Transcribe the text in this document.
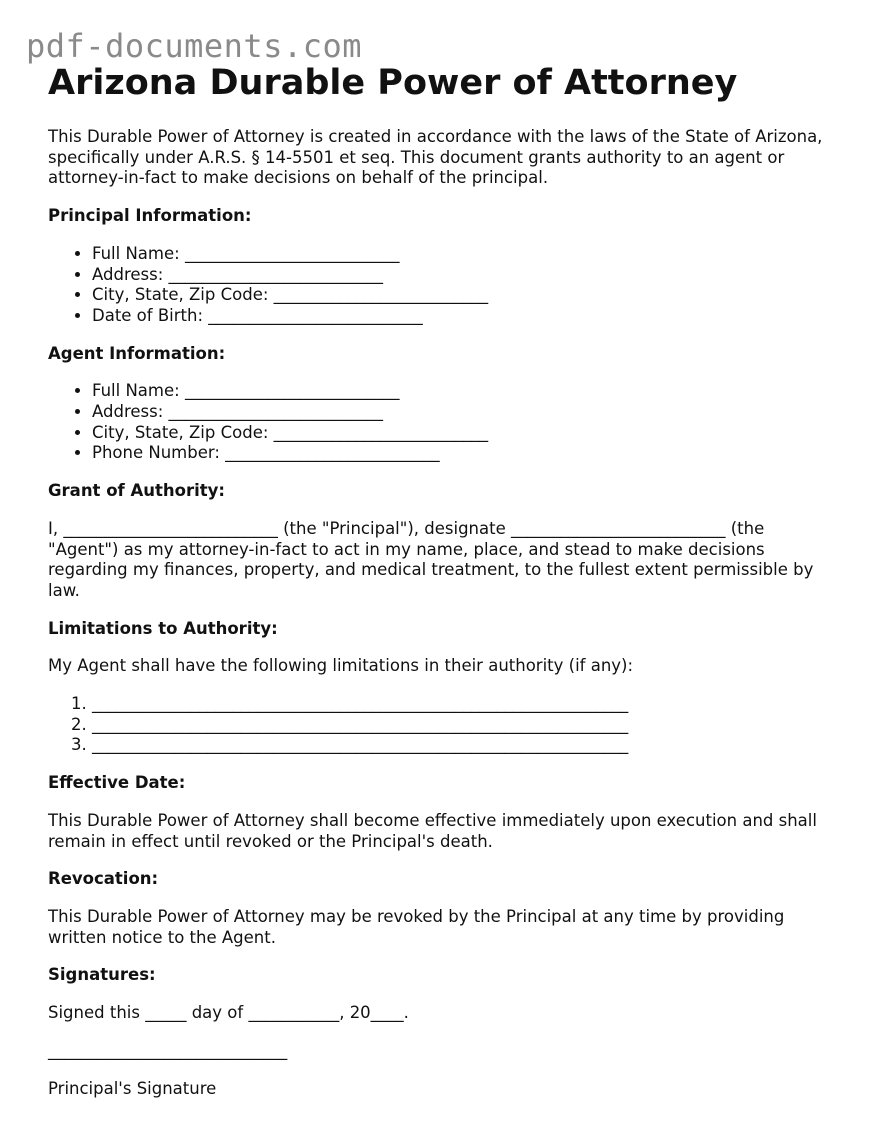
pdf-documents.com
Arizona Durable Power of Attorney

This Durable Power of Attorney is created in accordance with the laws of the State of Arizona, specifically under A.R.S. § 14-5501 et seq. This document grants authority to an agent or attorney-in-fact to make decisions on behalf of the principal.

Principal Information:
• Full Name: __________________________
• Address: __________________________
• City, State, Zip Code: __________________________
• Date of Birth: __________________________
Agent Information:
• Full Name: __________________________
• Address: __________________________
• City, State, Zip Code: __________________________
• Phone Number: __________________________
Grant of Authority:

I, __________________________ (the "Principal"), designate __________________________ (the "Agent") as my attorney-in-fact to act in my name, place, and stead to make decisions regarding my finances, property, and medical treatment, to the fullest extent permissible by law.

Limitations to Authority:

My Agent shall have the following limitations in their authority (if any):

1. _________________________________________________________________
2. _________________________________________________________________
3. _________________________________________________________________
Effective Date:

This Durable Power of Attorney shall become effective immediately upon execution and shall remain in effect until revoked or the Principal's death.

Revocation:

This Durable Power of Attorney may be revoked by the Principal at any time by providing written notice to the Agent.

Signatures:

Signed this _____ day of ___________, 20____.

_____________________________

Principal's Signature
